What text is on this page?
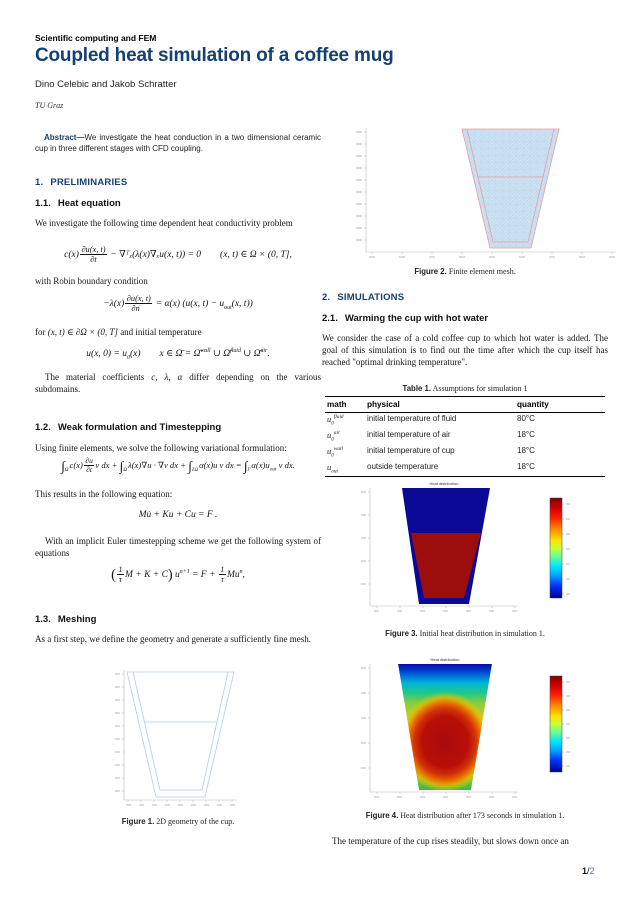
Scientific computing and FEM
Coupled heat simulation of a coffee mug
Dino Celebic and Jakob Schratter
TU Graz
Abstract—We investigate the heat conduction in a two dimensional ceramic cup in three different stages with CFD coupling.
1. PRELIMINARIES
1.1. Heat equation

We investigate the following time dependent heat conductivity problem

$c(x) \frac{\partial u(x, t)}{\partial t}$ − ∇ᵀₓ(λ(x)∇ₓu(x, t)) = 0  (x, t) ∈ Ω × (0, T],

with Robin boundary condition

$-\lambda(x) \frac{\partial u(x, t)}{\partial n⃗} = \alpha(x)$ (u(x, $t) - u_{out}(x$, t))

for (x, t) ∈ ∂Ω × (0, T] and initial temperature

u(x, $0) = u_0(x)$  x ∈ Ω̄ = Ω̄$^{wall}$ ∪ Ω̄$^{fluid}$ ∪ Ω̄$^{air}$.

The material coefficients c, λ, α differ depending on the various subdomains.

1.2. Weak formulation and Timestepping

Using finite elements, we solve the following variational formulation:

$\int_\Omega c(x) \frac{\partial u}{\partial t}$ v dx + $\int_\Omega\lambda(x)\nabla u \cdot \nabla v$ dx + $\int_{\partial\Omega}\alpha(x)u$ v dx = $\int_\Gamma\alpha(x)u_{out}$ v dx.

This results in the following equation:

Mu̇ + Ku + Cu = F .

With an implicit Euler timestepping scheme we get the following system of equations

( $\frac{1}{\tau}$ M + K + C) $u^{n+1} = F + \frac{1}{\tau} Mu^n$,
1.3. Meshing

As a first step, we define the geometry and generate a sufficiently fine mesh.

Figure 1. 2D geometry of the cup.
Figure 2. Finite element mesh.
2. SIMULATIONS
2.1. Warming the cup with hot water

We consider the case of a cold coffee cup to which hot water is added. The goal of this simulation is to find out the time after which the cup itself has reached "optimal drinking temperature".

Table 1. Assumptions for simulation 1
math	physical	quantity
$u_0^{fluid}$	initial temperature of fluid	80°C
$u_0^{air}$	initial temperature of air	18°C
$u_0^{wall}$	initial temperature of cup	18°C
$u_{out}$	outside temperature	18°C
Heat distribution
Figure 3. Initial heat distribution in simulation 1.
Heat distribution
Figure 4. Heat distribution after 173 seconds in simulation 1.

The temperature of the cup rises steadily, but slows down once an

1/2
